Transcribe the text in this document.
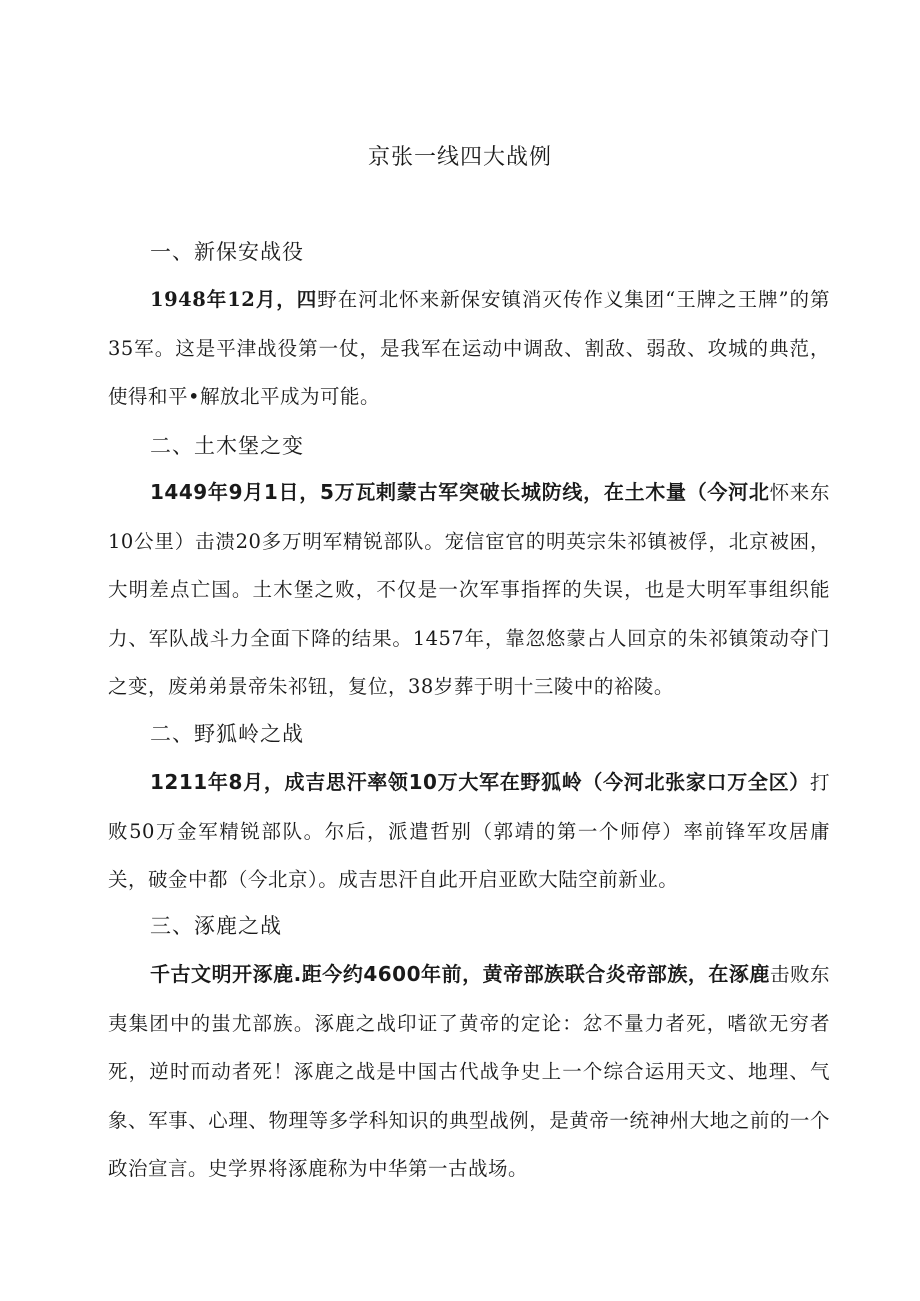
京张一线四大战例
一、新保安战役
1948年12月，四野在河北怀来新保安镇消灭传作义集团“王牌之王牌”的第35军。这是平津战役第一仗，是我军在运动中调敌、割敌、弱敌、攻城的典范，使得和平•解放北平成为可能。
二、土木堡之变
1449年9月1日，5万瓦剌蒙古军突破长城防线，在土木量（今河北怀来东10公里）击溃20多万明军精锐部队。宠信宦官的明英宗朱祁镇被俘，北京被困，大明差点亡国。土木堡之败，不仅是一次军事指挥的失误，也是大明军事组织能力、军队战斗力全面下降的结果。1457年，靠忽悠蒙占人回京的朱祁镇策动夺门之变，废弟弟景帝朱祁钮，复位，38岁葬于明十三陵中的裕陵。
二、野狐岭之战
1211年8月，成吉思汗率领10万大军在野狐岭（今河北张家口万全区）打败50万金军精锐部队。尔后，派遣哲别（郭靖的第一个师停）率前锋军攻居庸关，破金中都（今北京）。成吉思汗自此开启亚欧大陆空前新业。
三、涿鹿之战
千古文明开涿鹿.距今约4600年前，黄帝部族联合炎帝部族，在涿鹿击败东夷集团中的蚩尤部族。涿鹿之战印证了黄帝的定论：忿不量力者死，嗜欲无穷者死，逆时而动者死！涿鹿之战是中国古代战争史上一个综合运用天文、地理、气象、军事、心理、物理等多学科知识的典型战例，是黄帝一统神州大地之前的一个政治宣言。史学界将涿鹿称为中华第一古战场。
